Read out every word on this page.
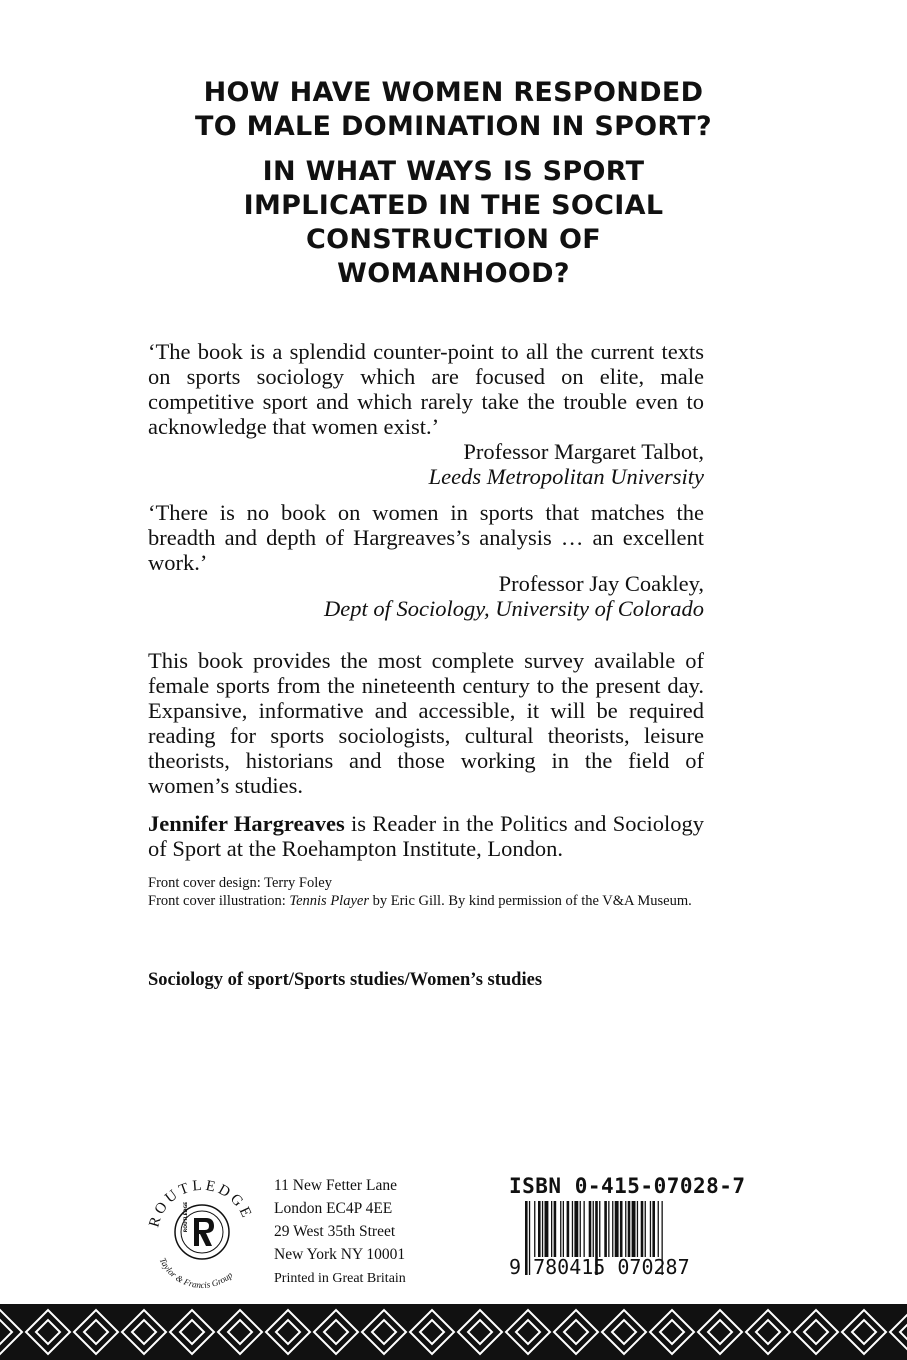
HOW HAVE WOMEN RESPONDED
TO MALE DOMINATION IN SPORT?
IN WHAT WAYS IS SPORT
IMPLICATED IN THE SOCIAL
CONSTRUCTION OF
WOMANHOOD?

‘The book is a splendid counter-point to all the current texts on sports sociology which are focused on elite, male competitive sport and which rarely take the trouble even to acknowledge that women exist.’

Professor Margaret Talbot,

Leeds Metropolitan University

‘There is no book on women in sports that matches the breadth and depth of Hargreaves’s analysis … an excellent work.’

Professor Jay Coakley,

Dept of Sociology, University of Colorado

This book provides the most complete survey available of female sports from the nineteenth century to the present day. Expansive, informative and accessible, it will be required reading for sports sociologists, cultural theorists, leisure theorists, historians and those working in the field of women’s studies.

Jennifer Hargreaves is Reader in the Politics and Sociology of Sport at the Roehampton Institute, London.

Front cover design: Terry Foley
Front cover illustration: Tennis Player by Eric Gill. By kind permission of the V&A Museum.

Sociology of sport/Sports studies/Women’s studies

ROUTLEDGE
Taylor & Francis Group
ROUTLEDGE

11 New Fetter Lane
London EC4P 4EE
29 West 35th Street
New York NY 10001
Printed in Great Britain

ISBN 0-415-07028-7
9 780415 070287
